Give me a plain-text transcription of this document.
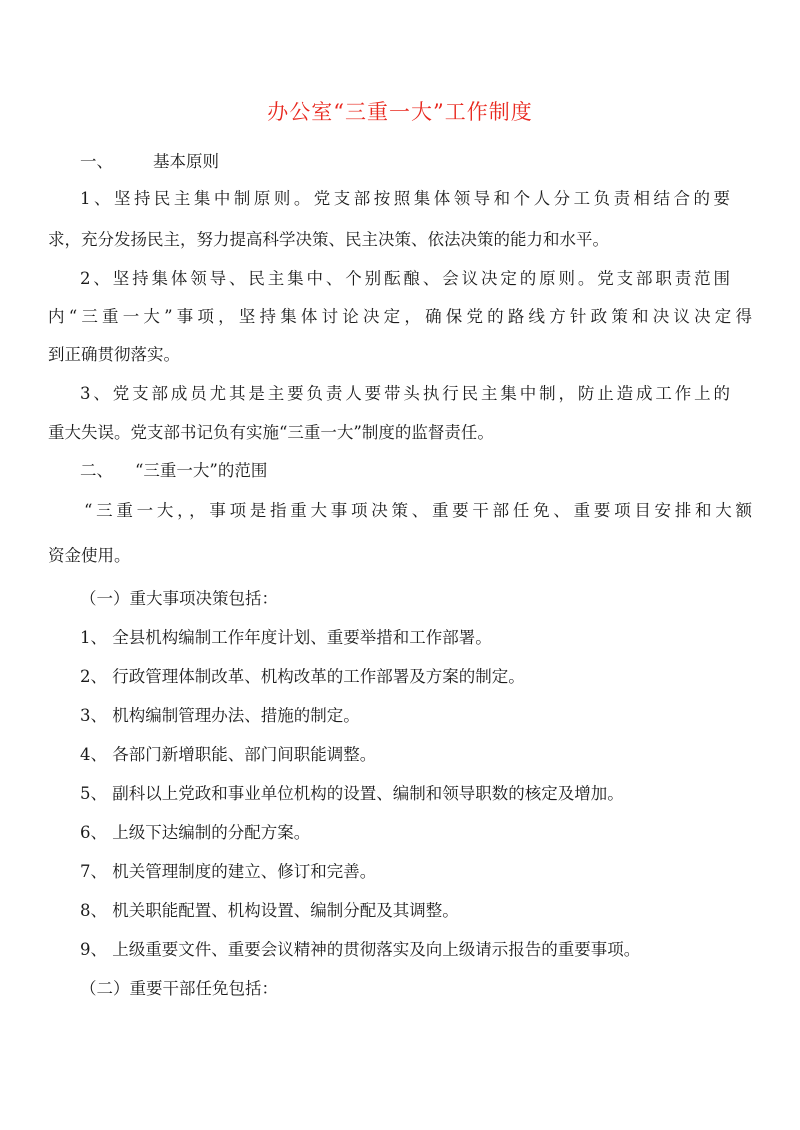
办公室“三重一大”工作制度
一、 基本原则
1、坚持民主集中制原则。党支部按照集体领导和个人分工负责相结合的要
求，充分发扬民主，努力提高科学决策、民主决策、依法决策的能力和水平。
2、坚持集体领导、民主集中、个别酝酿、会议决定的原则。党支部职责范围
内“三重一大”事项，坚持集体讨论决定，确保党的路线方针政策和决议决定得
到正确贯彻落实。
3、党支部成员尤其是主要负责人要带头执行民主集中制，防止造成工作上的
重大失误。党支部书记负有实施“三重一大”制度的监督责任。
二、 “三重一大”的范围
“三重一大，，事项是指重大事项决策、重要干部任免、重要项目安排和大额
资金使用。
（一）重大事项决策包括：
1、 全县机构编制工作年度计划、重要举措和工作部署。
2、 行政管理体制改革、机构改革的工作部署及方案的制定。
3、 机构编制管理办法、措施的制定。
4、 各部门新增职能、部门间职能调整。
5、 副科以上党政和事业单位机构的设置、编制和领导职数的核定及增加。
6、 上级下达编制的分配方案。
7、 机关管理制度的建立、修订和完善。
8、 机关职能配置、机构设置、编制分配及其调整。
9、 上级重要文件、重要会议精神的贯彻落实及向上级请示报告的重要事项。
（二）重要干部任免包括：
